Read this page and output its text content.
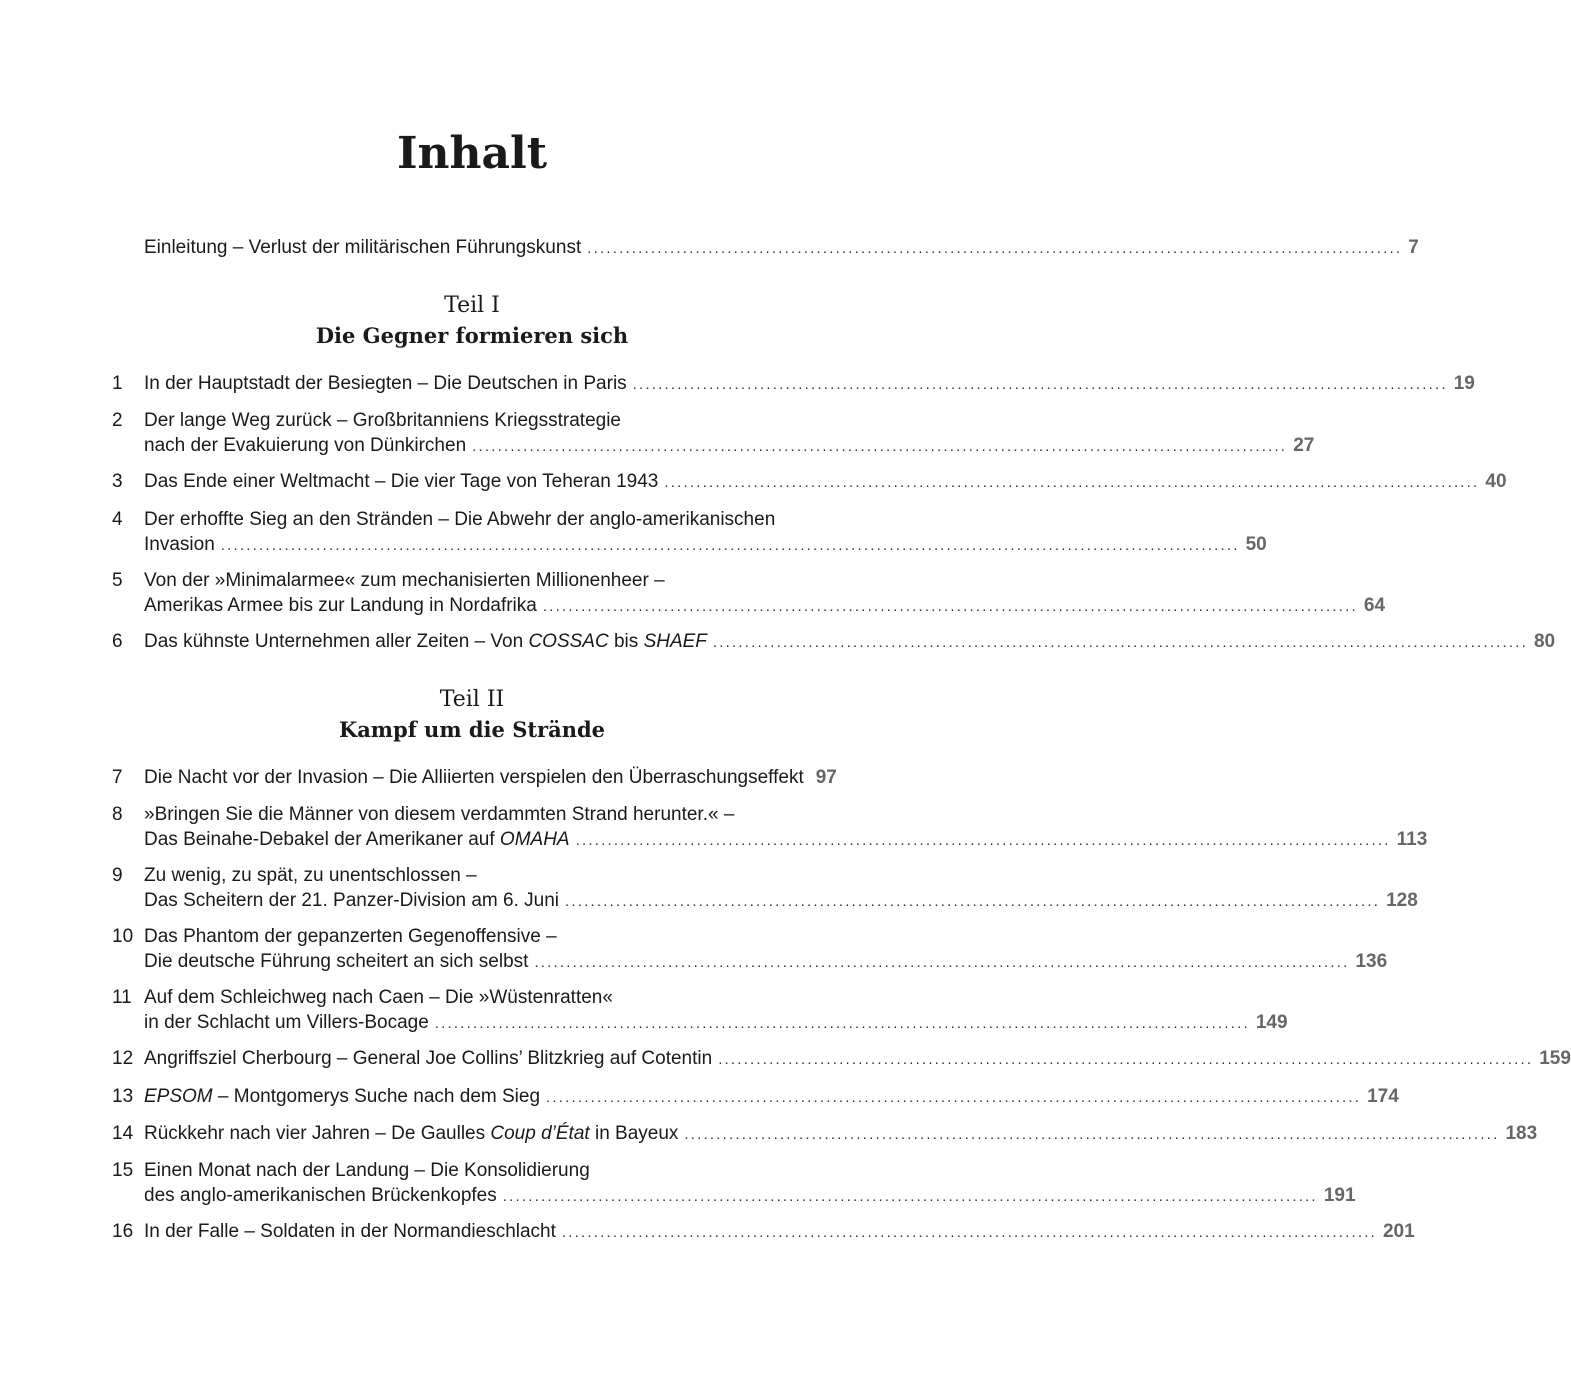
Inhalt
Einleitung – Verlust der militärischen Führungskunst ................................................................................................................................ 7
Teil I
Die Gegner formieren sich
1	In der Hauptstadt der Besiegten – Die Deutschen in Paris ................................................................................................................................ 19
2	Der lange Weg zurück – Großbritanniens Kriegsstrategie
nach der Evakuierung von Dünkirchen ................................................................................................................................ 27
3	Das Ende einer Weltmacht – Die vier Tage von Teheran 1943 ................................................................................................................................ 40
4	Der erhoffte Sieg an den Stränden – Die Abwehr der anglo-amerikanischen
Invasion ................................................................................................................................................................ 50
5	Von der »Minimalarmee« zum mechanisierten Millionenheer –
Amerikas Armee bis zur Landung in Nordafrika ................................................................................................................................ 64
6	Das kühnste Unternehmen aller Zeiten – Von COSSAC bis SHAEF ................................................................................................................................ 80
Teil II
Kampf um die Strände
7	Die Nacht vor der Invasion – Die Alliierten verspielen den Überraschungseffekt 97
8	»Bringen Sie die Männer von diesem verdammten Strand herunter.« –
Das Beinahe-Debakel der Amerikaner auf OMAHA ................................................................................................................................ 113
9	Zu wenig, zu spät, zu unentschlossen –
Das Scheitern der 21. Panzer-Division am 6. Juni ................................................................................................................................ 128
10 Das Phantom der gepanzerten Gegenoffensive –
Die deutsche Führung scheitert an sich selbst ................................................................................................................................ 136
11 Auf dem Schleichweg nach Caen – Die »Wüstenratten«
in der Schlacht um Villers-Bocage ................................................................................................................................ 149
12 Angriffsziel Cherbourg – General Joe Collins’ Blitzkrieg auf Cotentin ................................................................................................................................ 159
13 EPSOM – Montgomerys Suche nach dem Sieg ................................................................................................................................ 174
14 Rückkehr nach vier Jahren – De Gaulles Coup d’État in Bayeux ................................................................................................................................ 183
15 Einen Monat nach der Landung – Die Konsolidierung
des anglo-amerikanischen Brückenkopfes ................................................................................................................................ 191
16 In der Falle – Soldaten in der Normandieschlacht ................................................................................................................................ 201
